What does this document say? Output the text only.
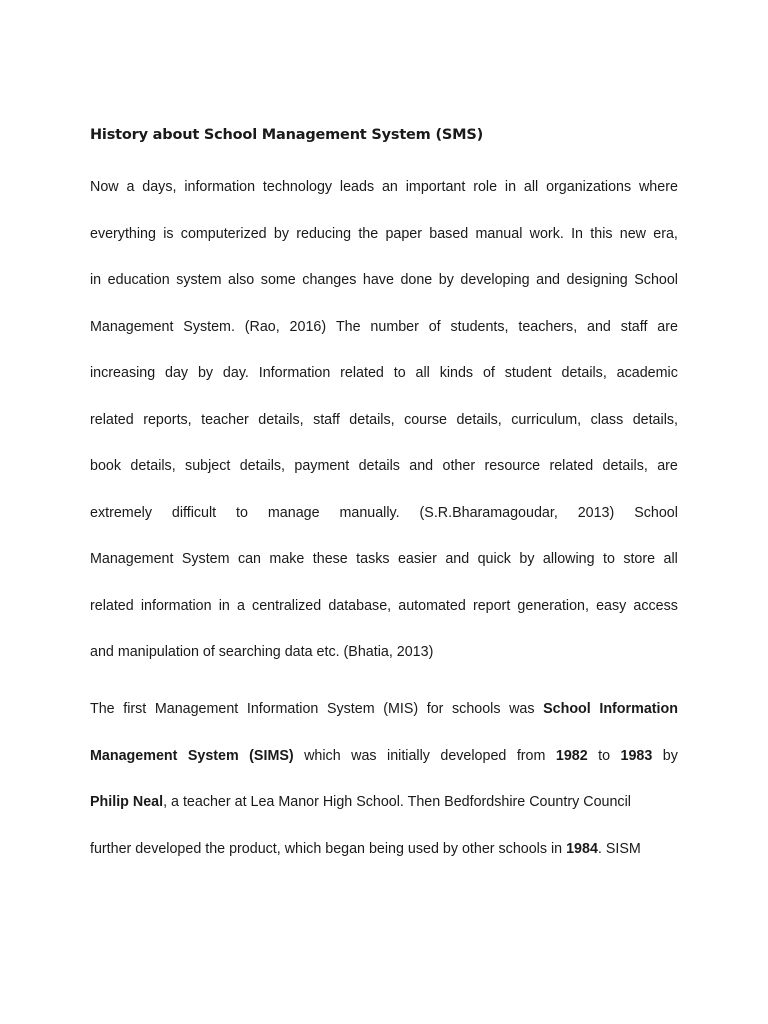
History about School Management System (SMS)
Now a days, information technology leads an important role in all organizations where
everything is computerized by reducing the paper based manual work. In this new era,
in education system also some changes have done by developing and designing School
Management System. (Rao, 2016) The number of students, teachers, and staff are
increasing day by day. Information related to all kinds of student details, academic
related reports, teacher details, staff details, course details, curriculum, class details,
book details, subject details, payment details and other resource related details, are
extremely difficult to manage manually. (S.R.Bharamagoudar, 2013) School
Management System can make these tasks easier and quick by allowing to store all
related information in a centralized database, automated report generation, easy access
and manipulation of searching data etc. (Bhatia, 2013)
The first Management Information System (MIS) for schools was School Information
Management System (SIMS) which was initially developed from 1982 to 1983 by
Philip Neal, a teacher at Lea Manor High School. Then Bedfordshire Country Council
further developed the product, which began being used by other schools in 1984. SISM
